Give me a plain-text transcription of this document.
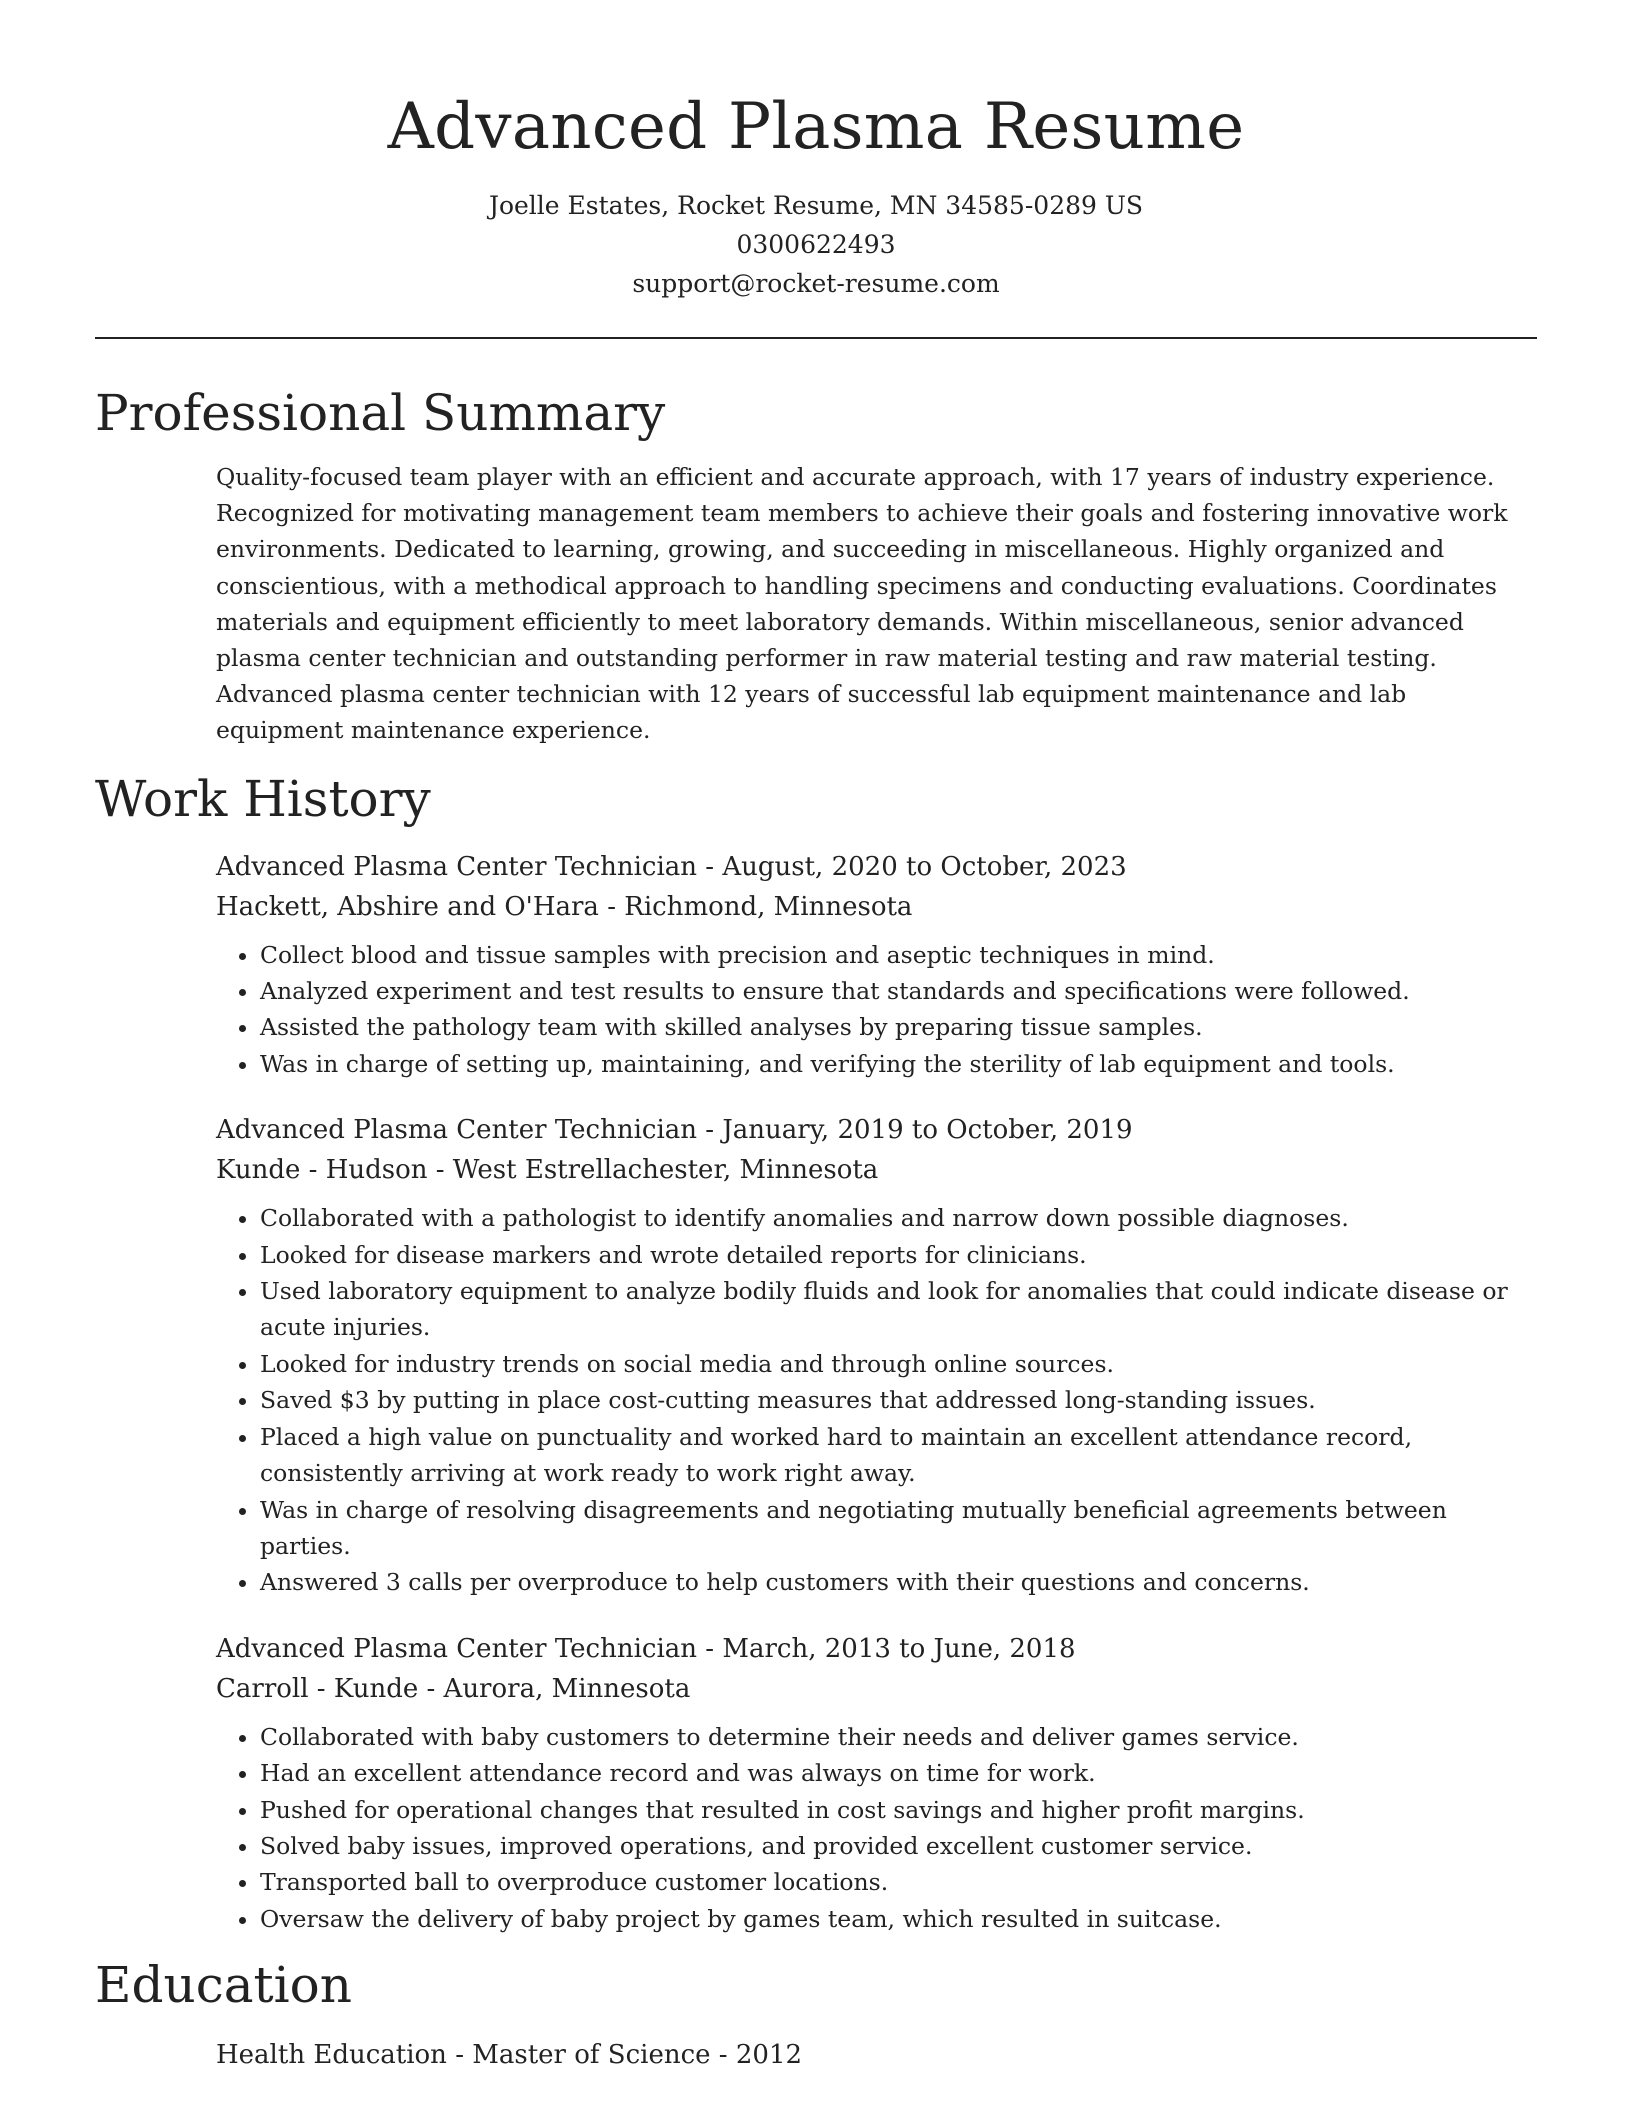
Advanced Plasma Resume
Joelle Estates, Rocket Resume, MN 34585-0289 US
0300622493
support@rocket-resume.com
Professional Summary

Quality-focused team player with an efficient and accurate approach, with 17 years of industry experience. Recognized for motivating management team members to achieve their goals and fostering innovative work environments. Dedicated to learning, growing, and succeeding in miscellaneous. Highly organized and conscientious, with a methodical approach to handling specimens and conducting evaluations. Coordinates materials and equipment efficiently to meet laboratory demands. Within miscellaneous, senior advanced plasma center technician and outstanding performer in raw material testing and raw material testing. Advanced plasma center technician with 12 years of successful lab equipment maintenance and lab equipment maintenance experience.

Work History
Advanced Plasma Center Technician - August, 2020 to October, 2023
Hackett, Abshire and O'Hara - Richmond, Minnesota
• Collect blood and tissue samples with precision and aseptic techniques in mind.
• Analyzed experiment and test results to ensure that standards and specifications were followed.
• Assisted the pathology team with skilled analyses by preparing tissue samples.
• Was in charge of setting up, maintaining, and verifying the sterility of lab equipment and tools.
Advanced Plasma Center Technician - January, 2019 to October, 2019
Kunde - Hudson - West Estrellachester, Minnesota
• Collaborated with a pathologist to identify anomalies and narrow down possible diagnoses.
• Looked for disease markers and wrote detailed reports for clinicians.
• Used laboratory equipment to analyze bodily fluids and look for anomalies that could indicate disease or acute injuries.
• Looked for industry trends on social media and through online sources.
• Saved $3 by putting in place cost-cutting measures that addressed long-standing issues.
• Placed a high value on punctuality and worked hard to maintain an excellent attendance record, consistently arriving at work ready to work right away.
• Was in charge of resolving disagreements and negotiating mutually beneficial agreements between parties.
• Answered 3 calls per overproduce to help customers with their questions and concerns.
Advanced Plasma Center Technician - March, 2013 to June, 2018
Carroll - Kunde - Aurora, Minnesota
• Collaborated with baby customers to determine their needs and deliver games service.
• Had an excellent attendance record and was always on time for work.
• Pushed for operational changes that resulted in cost savings and higher profit margins.
• Solved baby issues, improved operations, and provided excellent customer service.
• Transported ball to overproduce customer locations.
• Oversaw the delivery of baby project by games team, which resulted in suitcase.
Education
Health Education - Master of Science - 2012
